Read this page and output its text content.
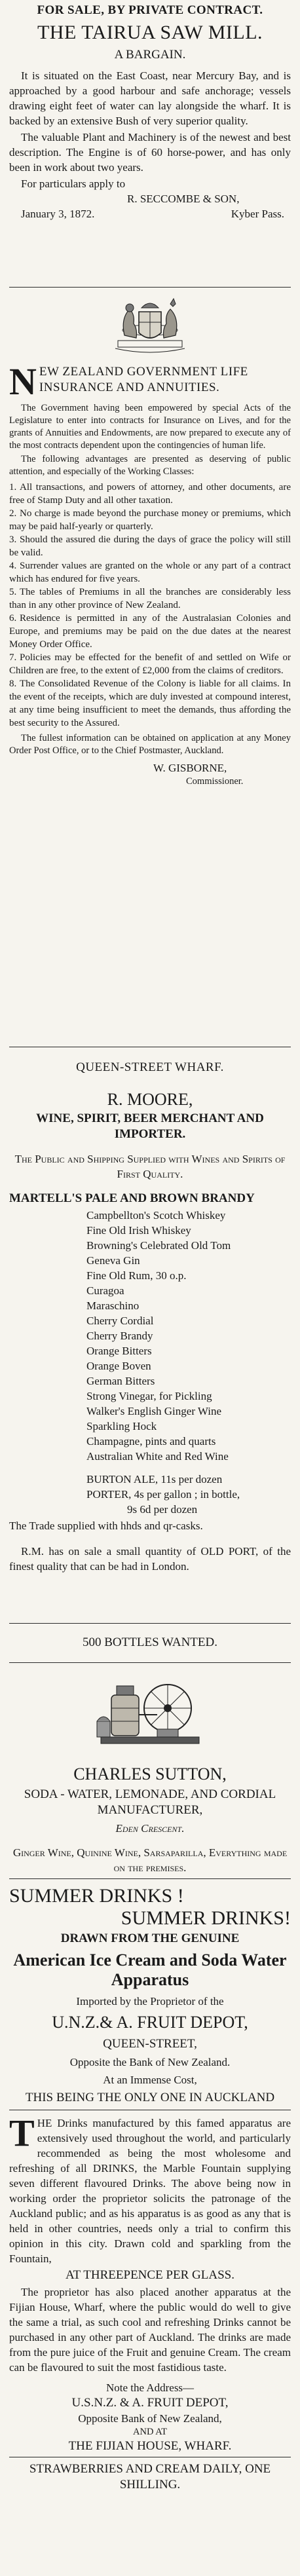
FOR SALE, BY PRIVATE CONTRACT.

THE TAIRUA SAW MILL.

A BARGAIN.

It is situated on the East Coast, near Mercury Bay, and is approached by a good harbour and safe anchorage; vessels drawing eight feet of water can lay alongside the wharf. It is backed by an extensive Bush of very superior quality.

The valuable Plant and Machinery is of the newest and best description. The Engine is of 60 horse-power, and has only been in work about two years.

For particulars apply to

R. SECCOMBE & SON,

January 3, 1872.	Kyber Pass.
N EW ZEALAND GOVERNMENT LIFE INSURANCE AND ANNUITIES.

The Government having been empowered by special Acts of the Legislature to enter into contracts for Insurance on Lives, and for the grants of Annuities and Endowments, are now prepared to execute any of the most contracts dependent upon the contingencies of human life.

The following advantages are presented as deserving of public attention, and especially of the Working Classes:

1. All transactions, and powers of attorney, and other documents, are free of Stamp Duty and all other taxation.

2. No charge is made beyond the purchase money or premiums, which may be paid half-yearly or quarterly.

3. Should the assured die during the days of grace the policy will still be valid.

4. Surrender values are granted on the whole or any part of a contract which has endured for five years.

5. The tables of Premiums in all the branches are considerably less than in any other province of New Zealand.

6. Residence is permitted in any of the Australasian Colonies and Europe, and premiums may be paid on the due dates at the nearest Money Order Office.

7. Policies may be effected for the benefit of and settled on Wife or Children are free, to the extent of £2,000 from the claims of creditors.

8. The Consolidated Revenue of the Colony is liable for all claims. In the event of the receipts, which are duly invested at compound interest, at any time being insufficient to meet the demands, thus affording the best security to the Assured.

The fullest information can be obtained on application at any Money Order Post Office, or to the Chief Postmaster, Auckland.

W. GISBORNE,

Commissioner.

QUEEN-STREET WHARF.

R. MOORE,

WINE, SPIRIT, BEER MERCHANT AND IMPORTER.

The Public and Shipping Supplied with Wines and Spirits of First Quality.

MARTELL'S PALE AND BROWN BRANDY

Campbellton's Scotch Whiskey

Fine Old Irish Whiskey

Browning's Celebrated Old Tom

Geneva Gin

Fine Old Rum, 30 o.p.

Curagoa

Maraschino

Cherry Cordial

Cherry Brandy

Orange Bitters

Orange Boven

German Bitters

Strong Vinegar, for Pickling

Walker's English Ginger Wine

Sparkling Hock

Champagne, pints and quarts

Australian White and Red Wine

BURTON ALE, 11s per dozen

PORTER, 4s per gallon ; in bottle,

9s 6d per dozen

The Trade supplied with hhds and qr-casks.

R.M. has on sale a small quantity of OLD PORT, of the finest quality that can be had in London.

500 BOTTLES WANTED.

CHARLES SUTTON,

SODA - WATER, LEMONADE, AND CORDIAL MANUFACTURER,

Eden Crescent.

Ginger Wine, Quinine Wine, Sarsaparilla, Everything made on the premises.

SUMMER DRINKS !

SUMMER DRINKS!

DRAWN FROM THE GENUINE

American Ice Cream and Soda Water Apparatus

Imported by the Proprietor of the

U.N.Z.& A. FRUIT DEPOT,

QUEEN-STREET,

Opposite the Bank of New Zealand.

At an Immense Cost,

THIS BEING THE ONLY ONE IN AUCKLAND

T HE Drinks manufactured by this famed apparatus are extensively used throughout the world, and particularly recommended as being the most wholesome and refreshing of all DRINKS, the Marble Fountain supplying seven different flavoured Drinks. The above being now in working order the proprietor solicits the patronage of the Auckland public; and as his apparatus is as good as any that is held in other countries, needs only a trial to confirm this opinion in this city. Drawn cold and sparkling from the Fountain,

AT THREEPENCE PER GLASS.

The proprietor has also placed another apparatus at the Fijian House, Wharf, where the public would do well to give the same a trial, as such cool and refreshing Drinks cannot be purchased in any other part of Auckland. The drinks are made from the pure juice of the Fruit and genuine Cream. The cream can be flavoured to suit the most fastidious taste.

Note the Address—

U.S.N.Z. & A. FRUIT DEPOT,

Opposite Bank of New Zealand,

AND AT

THE FIJIAN HOUSE, WHARF.

STRAWBERRIES AND CREAM DAILY, ONE SHILLING.
